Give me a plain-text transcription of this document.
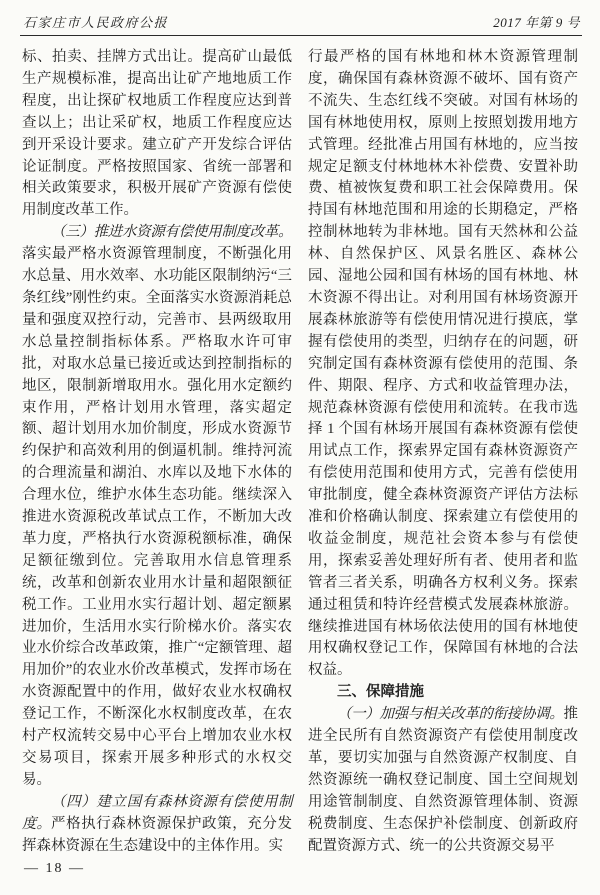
石家庄市人民政府公报	2017 年第 9 号

标、拍卖、挂牌方式出让。提高矿山最低生产规模标准，提高出让矿产地地质工作程度，出让探矿权地质工作程度应达到普查以上；出让采矿权，地质工作程度应达到开采设计要求。建立矿产开发综合评估论证制度。严格按照国家、省统一部署和相关政策要求，积极开展矿产资源有偿使用制度改革工作。

（三）推进水资源有偿使用制度改革。落实最严格水资源管理制度，不断强化用水总量、用水效率、水功能区限制纳污“三条红线”刚性约束。全面落实水资源消耗总量和强度双控行动，完善市、县两级取用水总量控制指标体系。严格取水许可审批，对取水总量已接近或达到控制指标的地区，限制新增取用水。强化用水定额约束作用，严格计划用水管理，落实超定额、超计划用水加价制度，形成水资源节约保护和高效利用的倒逼机制。维持河流的合理流量和湖泊、水库以及地下水体的合理水位，维护水体生态功能。继续深入推进水资源税改革试点工作，不断加大改革力度，严格执行水资源税额标准，确保足额征缴到位。完善取用水信息管理系统，改革和创新农业用水计量和超限额征税工作。工业用水实行超计划、超定额累进加价，生活用水实行阶梯水价。落实农业水价综合改革政策，推广“定额管理、超用加价”的农业水价改革模式，发挥市场在水资源配置中的作用，做好农业水权确权登记工作，不断深化水权制度改革，在农村产权流转交易中心平台上增加农业水权交易项目，探索开展多种形式的水权交易。

（四）建立国有森林资源有偿使用制度。严格执行森林资源保护政策，充分发挥森林资源在生态建设中的主体作用。实

行最严格的国有林地和林木资源管理制度，确保国有森林资源不破坏、国有资产不流失、生态红线不突破。对国有林场的国有林地使用权，原则上按照划拨用地方式管理。经批准占用国有林地的，应当按规定足额支付林地林木补偿费、安置补助费、植被恢复费和职工社会保障费用。保持国有林地范围和用途的长期稳定，严格控制林地转为非林地。国有天然林和公益林、自然保护区、风景名胜区、森林公园、湿地公园和国有林场的国有林地、林木资源不得出让。对利用国有林场资源开展森林旅游等有偿使用情况进行摸底，掌握有偿使用的类型，归纳存在的问题，研究制定国有森林资源有偿使用的范围、条件、期限、程序、方式和收益管理办法，规范森林资源有偿使用和流转。在我市选择 1 个国有林场开展国有森林资源有偿使用试点工作，探索界定国有森林资源资产有偿使用范围和使用方式，完善有偿使用审批制度，健全森林资源资产评估方法标准和价格确认制度、探索建立有偿使用的收益金制度，规范社会资本参与有偿使用，探索妥善处理好所有者、使用者和监管者三者关系，明确各方权利义务。探索通过租赁和特许经营模式发展森林旅游。继续推进国有林场依法使用的国有林地使用权确权登记工作，保障国有林地的合法权益。

三、保障措施

（一）加强与相关改革的衔接协调。推进全民所有自然资源资产有偿使用制度改革，要切实加强与自然资源产权制度、自然资源统一确权登记制度、国土空间规划用途管制制度、自然资源管理体制、资源税费制度、生态保护补偿制度、创新政府配置资源方式、统一的公共资源交易平

— 18 —
